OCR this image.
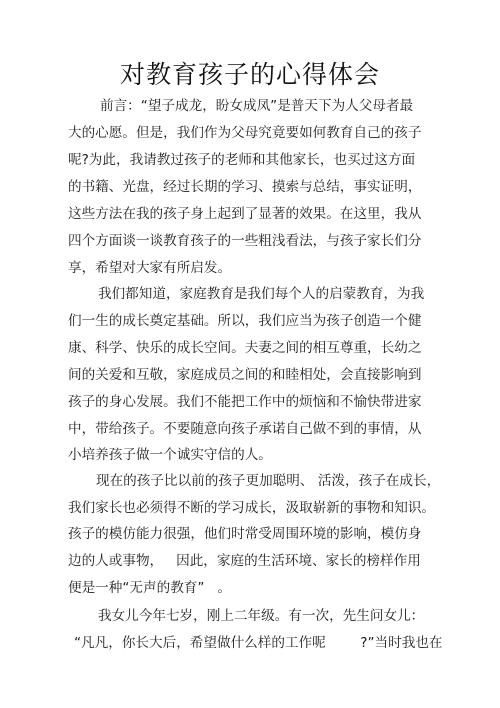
对教育孩子的心得体会
前言：“望子成龙，盼女成凤”是普天下为人父母者最
大的心愿。但是，我们作为父母究竟要如何教育自己的孩子
呢?为此，我请教过孩子的老师和其他家长，也买过这方面
的书籍、光盘，经过长期的学习、摸索与总结，事实证明，
这些方法在我的孩子身上起到了显著的效果。在这里，我从
四个方面谈一谈教育孩子的一些粗浅看法，与孩子家长们分
享，希望对大家有所启发。
我们都知道，家庭教育是我们每个人的启蒙教育，为我
们一生的成长奠定基础。所以，我们应当为孩子创造一个健
康、科学、快乐的成长空间。夫妻之间的相互尊重，长幼之
间的关爱和互敬，家庭成员之间的和睦相处，会直接影响到
孩子的身心发展。我们不能把工作中的烦恼和不愉快带进家
中，带给孩子。不要随意向孩子承诺自己做不到的事情，从
小培养孩子做一个诚实守信的人。
现在的孩子比以前的孩子更加聪明、 活泼，孩子在成长，
我们家长也必须得不断的学习成长，汲取崭新的事物和知识。
孩子的模仿能力很强，他们时常受周围环境的影响，模仿身
边的人或事物，   因此，家庭的生活环境、家长的榜样作用
便是一种“无声的教育”   。
我女儿今年七岁，刚上二年级。有一次，先生问女儿：
“凡凡，你长大后，希望做什么样的工作呢        ?”当时我也在
